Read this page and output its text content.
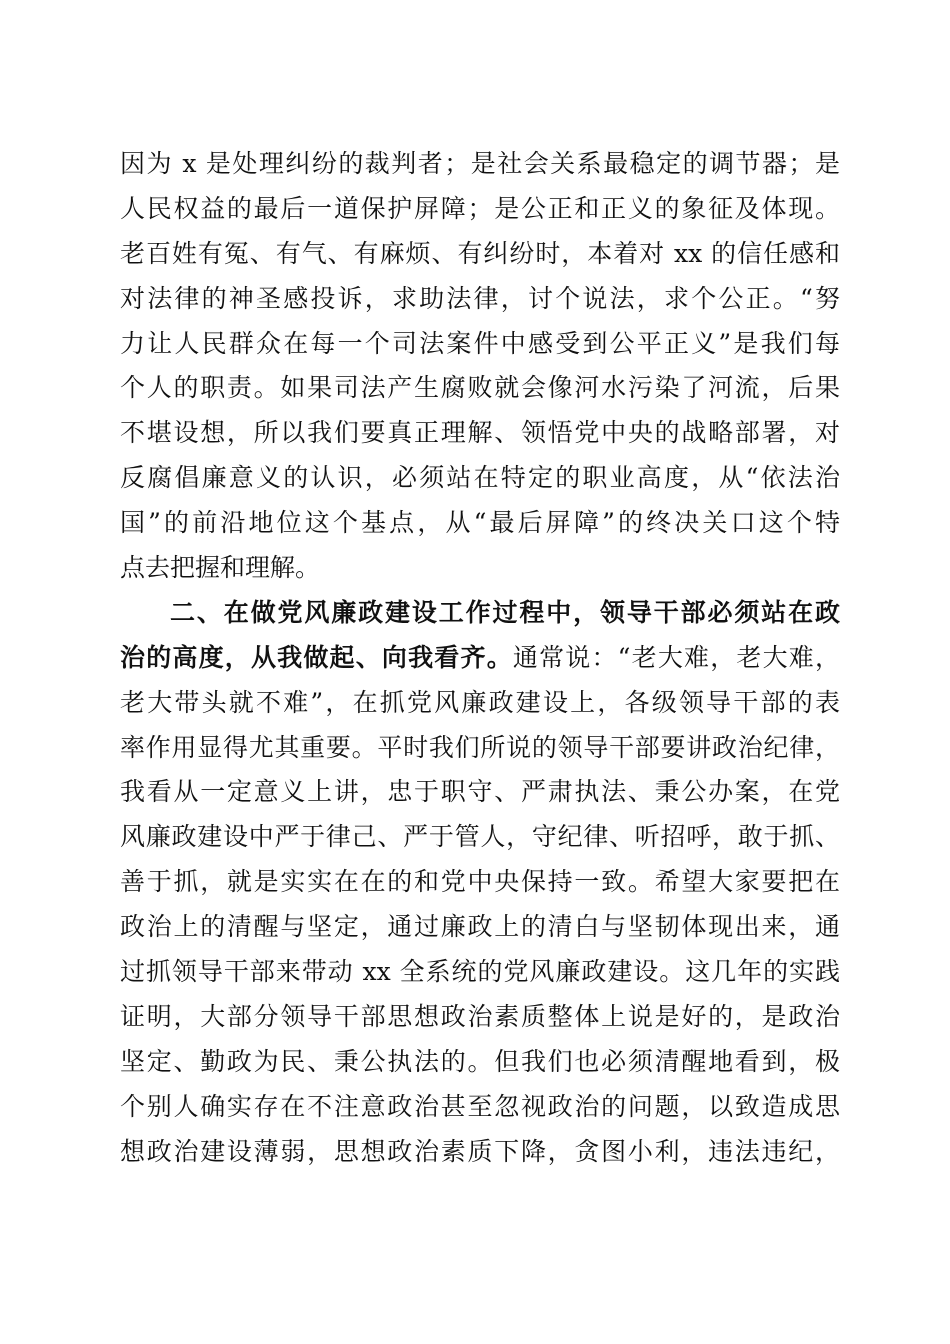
因为 x 是处理纠纷的裁判者；是社会关系最稳定的调节器；是
人民权益的最后一道保护屏障；是公正和正义的象征及体现。
老百姓有冤、有气、有麻烦、有纠纷时，本着对 xx 的信任感和
对法律的神圣感投诉，求助法律，讨个说法，求个公正。“努
力让人民群众在每一个司法案件中感受到公平正义”是我们每
个人的职责。如果司法产生腐败就会像河水污染了河流，后果
不堪设想，所以我们要真正理解、领悟党中央的战略部署，对
反腐倡廉意义的认识，必须站在特定的职业高度，从“依法治
国”的前沿地位这个基点，从“最后屏障”的终决关口这个特
点去把握和理解。
二、在做党风廉政建设工作过程中，领导干部必须站在政
治的高度，从我做起、向我看齐。通常说：“老大难，老大难，
老大带头就不难”，在抓党风廉政建设上，各级领导干部的表
率作用显得尤其重要。平时我们所说的领导干部要讲政治纪律，
我看从一定意义上讲，忠于职守、严肃执法、秉公办案，在党
风廉政建设中严于律己、严于管人，守纪律、听招呼，敢于抓、
善于抓，就是实实在在的和党中央保持一致。希望大家要把在
政治上的清醒与坚定，通过廉政上的清白与坚韧体现出来，通
过抓领导干部来带动 xx 全系统的党风廉政建设。这几年的实践
证明，大部分领导干部思想政治素质整体上说是好的，是政治
坚定、勤政为民、秉公执法的。但我们也必须清醒地看到，极
个别人确实存在不注意政治甚至忽视政治的问题，以致造成思
想政治建设薄弱，思想政治素质下降，贪图小利，违法违纪，
